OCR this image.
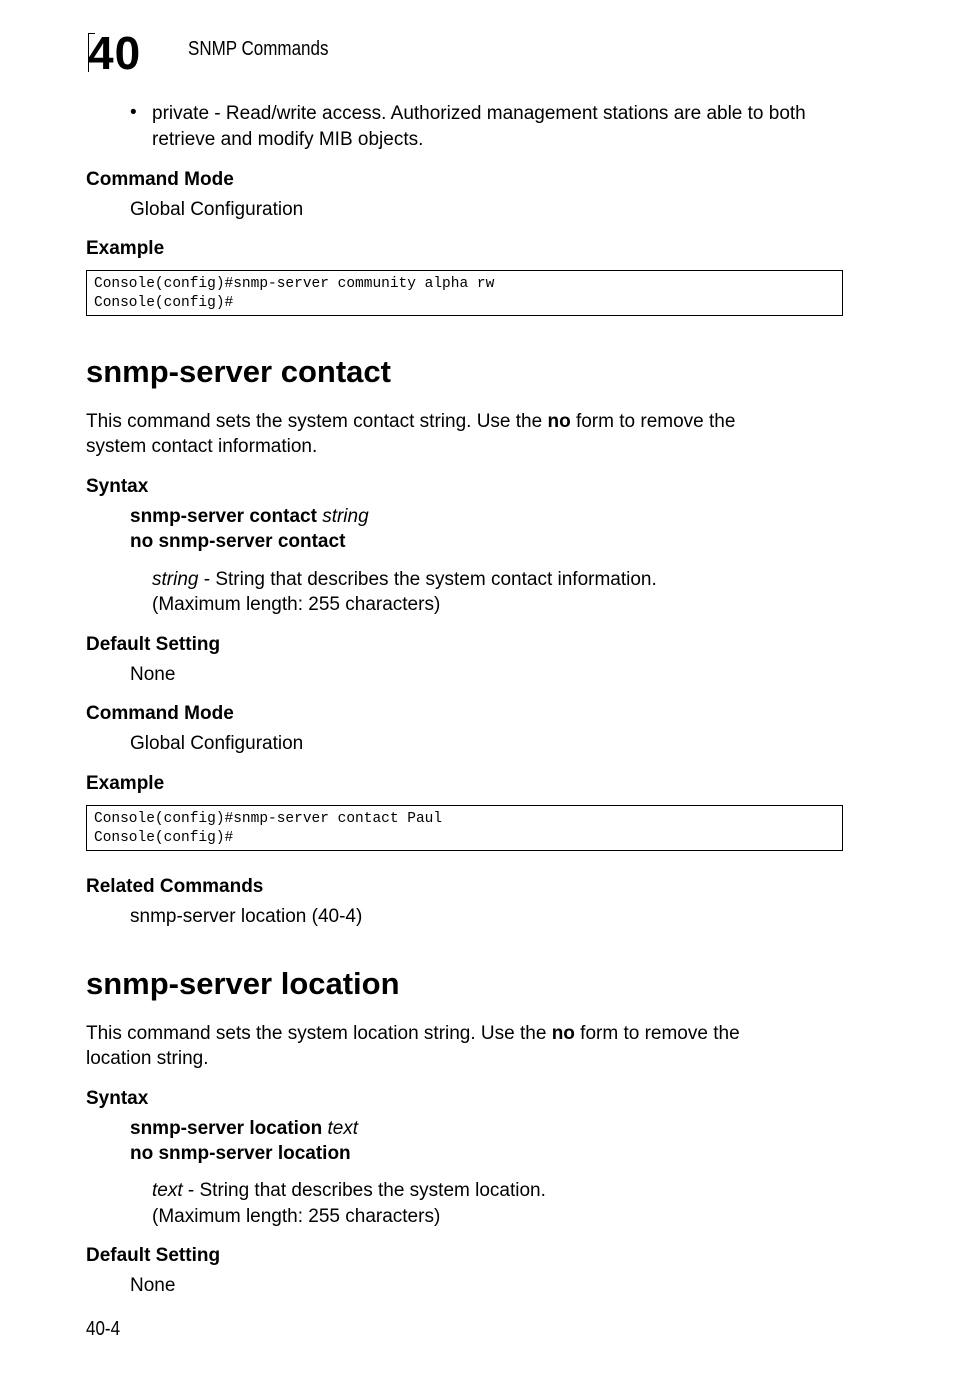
40 SNMP Commands
• private - Read/write access. Authorized management stations are able to both
retrieve and modify MIB objects.
Command Mode
Global Configuration
Example
Console(config)#snmp-server community alpha rw
Console(config)#
snmp-server contact
This command sets the system contact string. Use the no form to remove the
system contact information.
Syntax
snmp-server contact string
no snmp-server contact
string - String that describes the system contact information.
(Maximum length: 255 characters)
Default Setting
None
Command Mode
Global Configuration
Example
Console(config)#snmp-server contact Paul
Console(config)#
Related Commands
snmp-server location (40-4)
snmp-server location
This command sets the system location string. Use the no form to remove the
location string.
Syntax
snmp-server location text
no snmp-server location
text - String that describes the system location.
(Maximum length: 255 characters)
Default Setting
None
40-4
